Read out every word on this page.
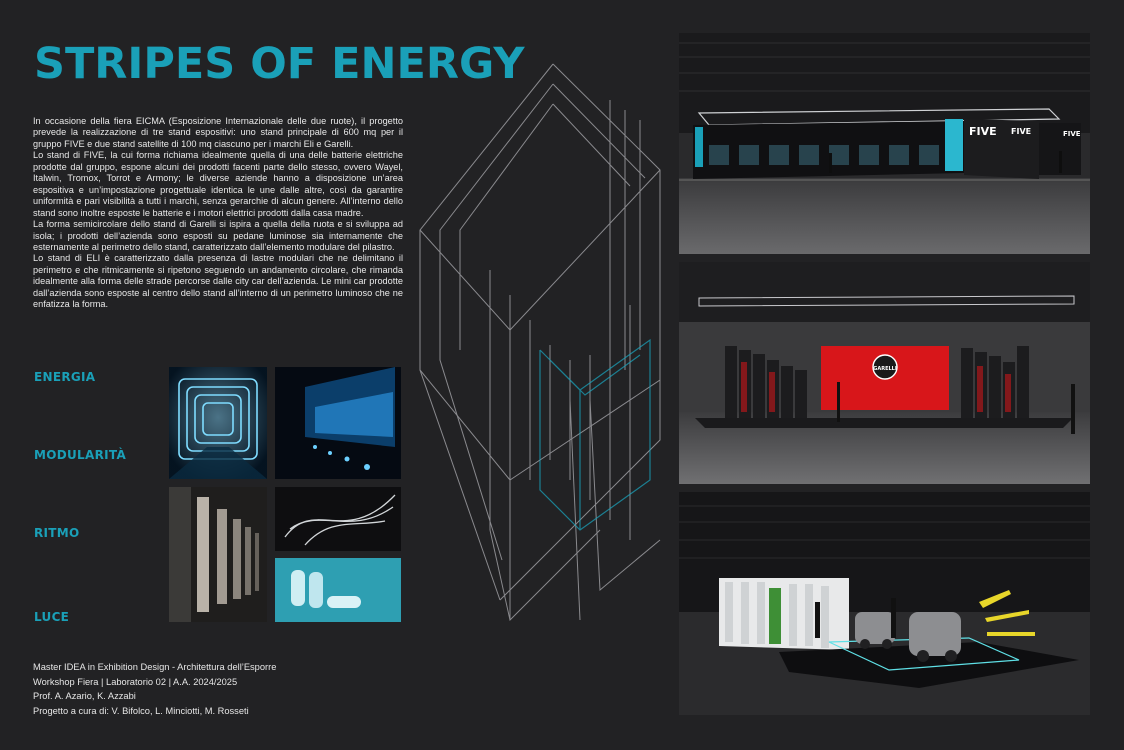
STRIPES OF ENERGY

In occasione della fiera EICMA (Esposizione Internazionale delle due ruote), il progetto prevede la realizzazione di tre stand espositivi: uno stand principale di 600 mq per il gruppo FIVE e due stand satellite di 100 mq ciascuno per i marchi Eli e Garelli.

Lo stand di FIVE, la cui forma richiama idealmente quella di una delle batterie elettriche prodotte dal gruppo, espone alcuni dei prodotti facenti parte dello stesso, ovvero Wayel, Italwin, Tromox, Torrot e Armony; le diverse aziende hanno a disposizione un’area espositiva e un’impostazione progettuale identica le une dalle altre, così da garantire uniformità e pari visibilità a tutti i marchi, senza gerarchie di alcun genere. All’interno dello stand sono inoltre esposte le batterie e i motori elettrici prodotti dalla casa madre.

La forma semicircolare dello stand di Garelli si ispira a quella della ruota e si sviluppa ad isola; i prodotti dell’azienda sono esposti su pedane luminose sia internamente che esternamente al perimetro dello stand, caratterizzato dall’elemento modulare del pilastro.

Lo stand di ELI è caratterizzato dalla presenza di lastre modulari che ne delimitano il perimetro e che ritmicamente si ripetono seguendo un andamento circolare, che rimanda idealmente alla forma delle strade percorse dalle city car dell’azienda. Le mini car prodotte dall’azienda sono esposte al centro dello stand all’interno di un perimetro luminoso che ne enfatizza la forma.

ENERGIA
MODULARITÀ
RITMO
LUCE
Master IDEA in Exhibition Design - Architettura dell’Esporre
Workshop Fiera | Laboratorio 02 | A.A. 2024/2025
Prof. A. Azario, K. Azzabi
Progetto a cura di: V. Bifolco, L. Minciotti, M. Rosseti
FIVE FIVE	FIVE
GARELLI
